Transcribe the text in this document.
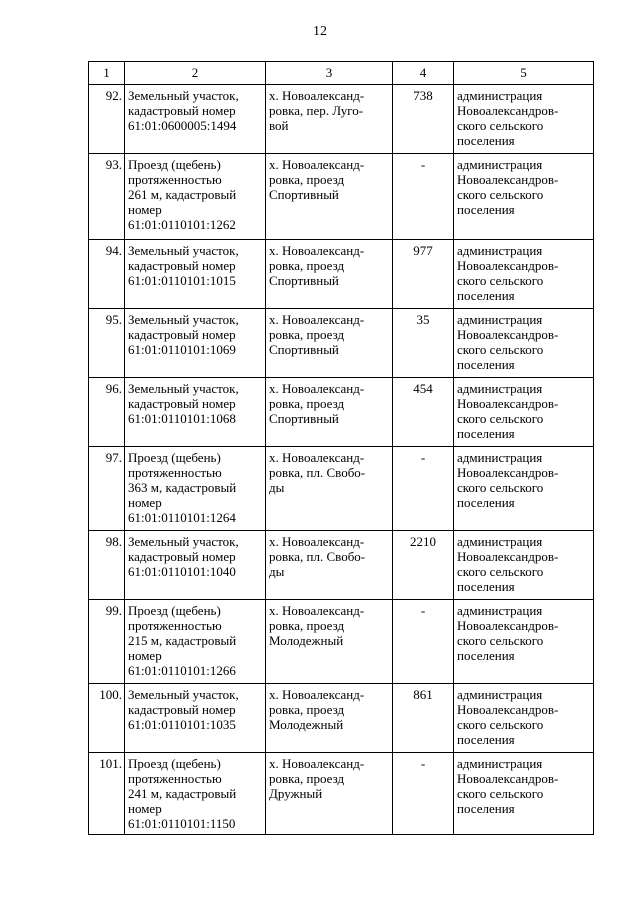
12
1	2	3	4	5
92.	Земельный участок,
кадастровый номер
61:01:0600005:1494	х. Новоалександ-
ровка, пер. Луго-
вой	738	администрация
Новоалександров-
ского сельского
поселения
93.	Проезд (щебень)
протяженностью
261 м, кадастровый
номер
61:01:0110101:1262	х. Новоалександ-
ровка, проезд
Спортивный	-	администрация
Новоалександров-
ского сельского
поселения
94.	Земельный участок,
кадастровый номер
61:01:0110101:1015	х. Новоалександ-
ровка, проезд
Спортивный	977	администрация
Новоалександров-
ского сельского
поселения
95.	Земельный участок,
кадастровый номер
61:01:0110101:1069	х. Новоалександ-
ровка, проезд
Спортивный	35	администрация
Новоалександров-
ского сельского
поселения
96.	Земельный участок,
кадастровый номер
61:01:0110101:1068	х. Новоалександ-
ровка, проезд
Спортивный	454	администрация
Новоалександров-
ского сельского
поселения
97.	Проезд (щебень)
протяженностью
363 м, кадастровый
номер
61:01:0110101:1264	х. Новоалександ-
ровка, пл. Свобо-
ды	-	администрация
Новоалександров-
ского сельского
поселения
98.	Земельный участок,
кадастровый номер
61:01:0110101:1040	х. Новоалександ-
ровка, пл. Свобо-
ды	2210	администрация
Новоалександров-
ского сельского
поселения
99.	Проезд (щебень)
протяженностью
215 м, кадастровый
номер
61:01:0110101:1266	х. Новоалександ-
ровка, проезд
Молодежный	-	администрация
Новоалександров-
ского сельского
поселения
100.	Земельный участок,
кадастровый номер
61:01:0110101:1035	х. Новоалександ-
ровка, проезд
Молодежный	861	администрация
Новоалександров-
ского сельского
поселения
101.	Проезд (щебень)
протяженностью
241 м, кадастровый
номер
61:01:0110101:1150	х. Новоалександ-
ровка, проезд
Дружный	-	администрация
Новоалександров-
ского сельского
поселения
